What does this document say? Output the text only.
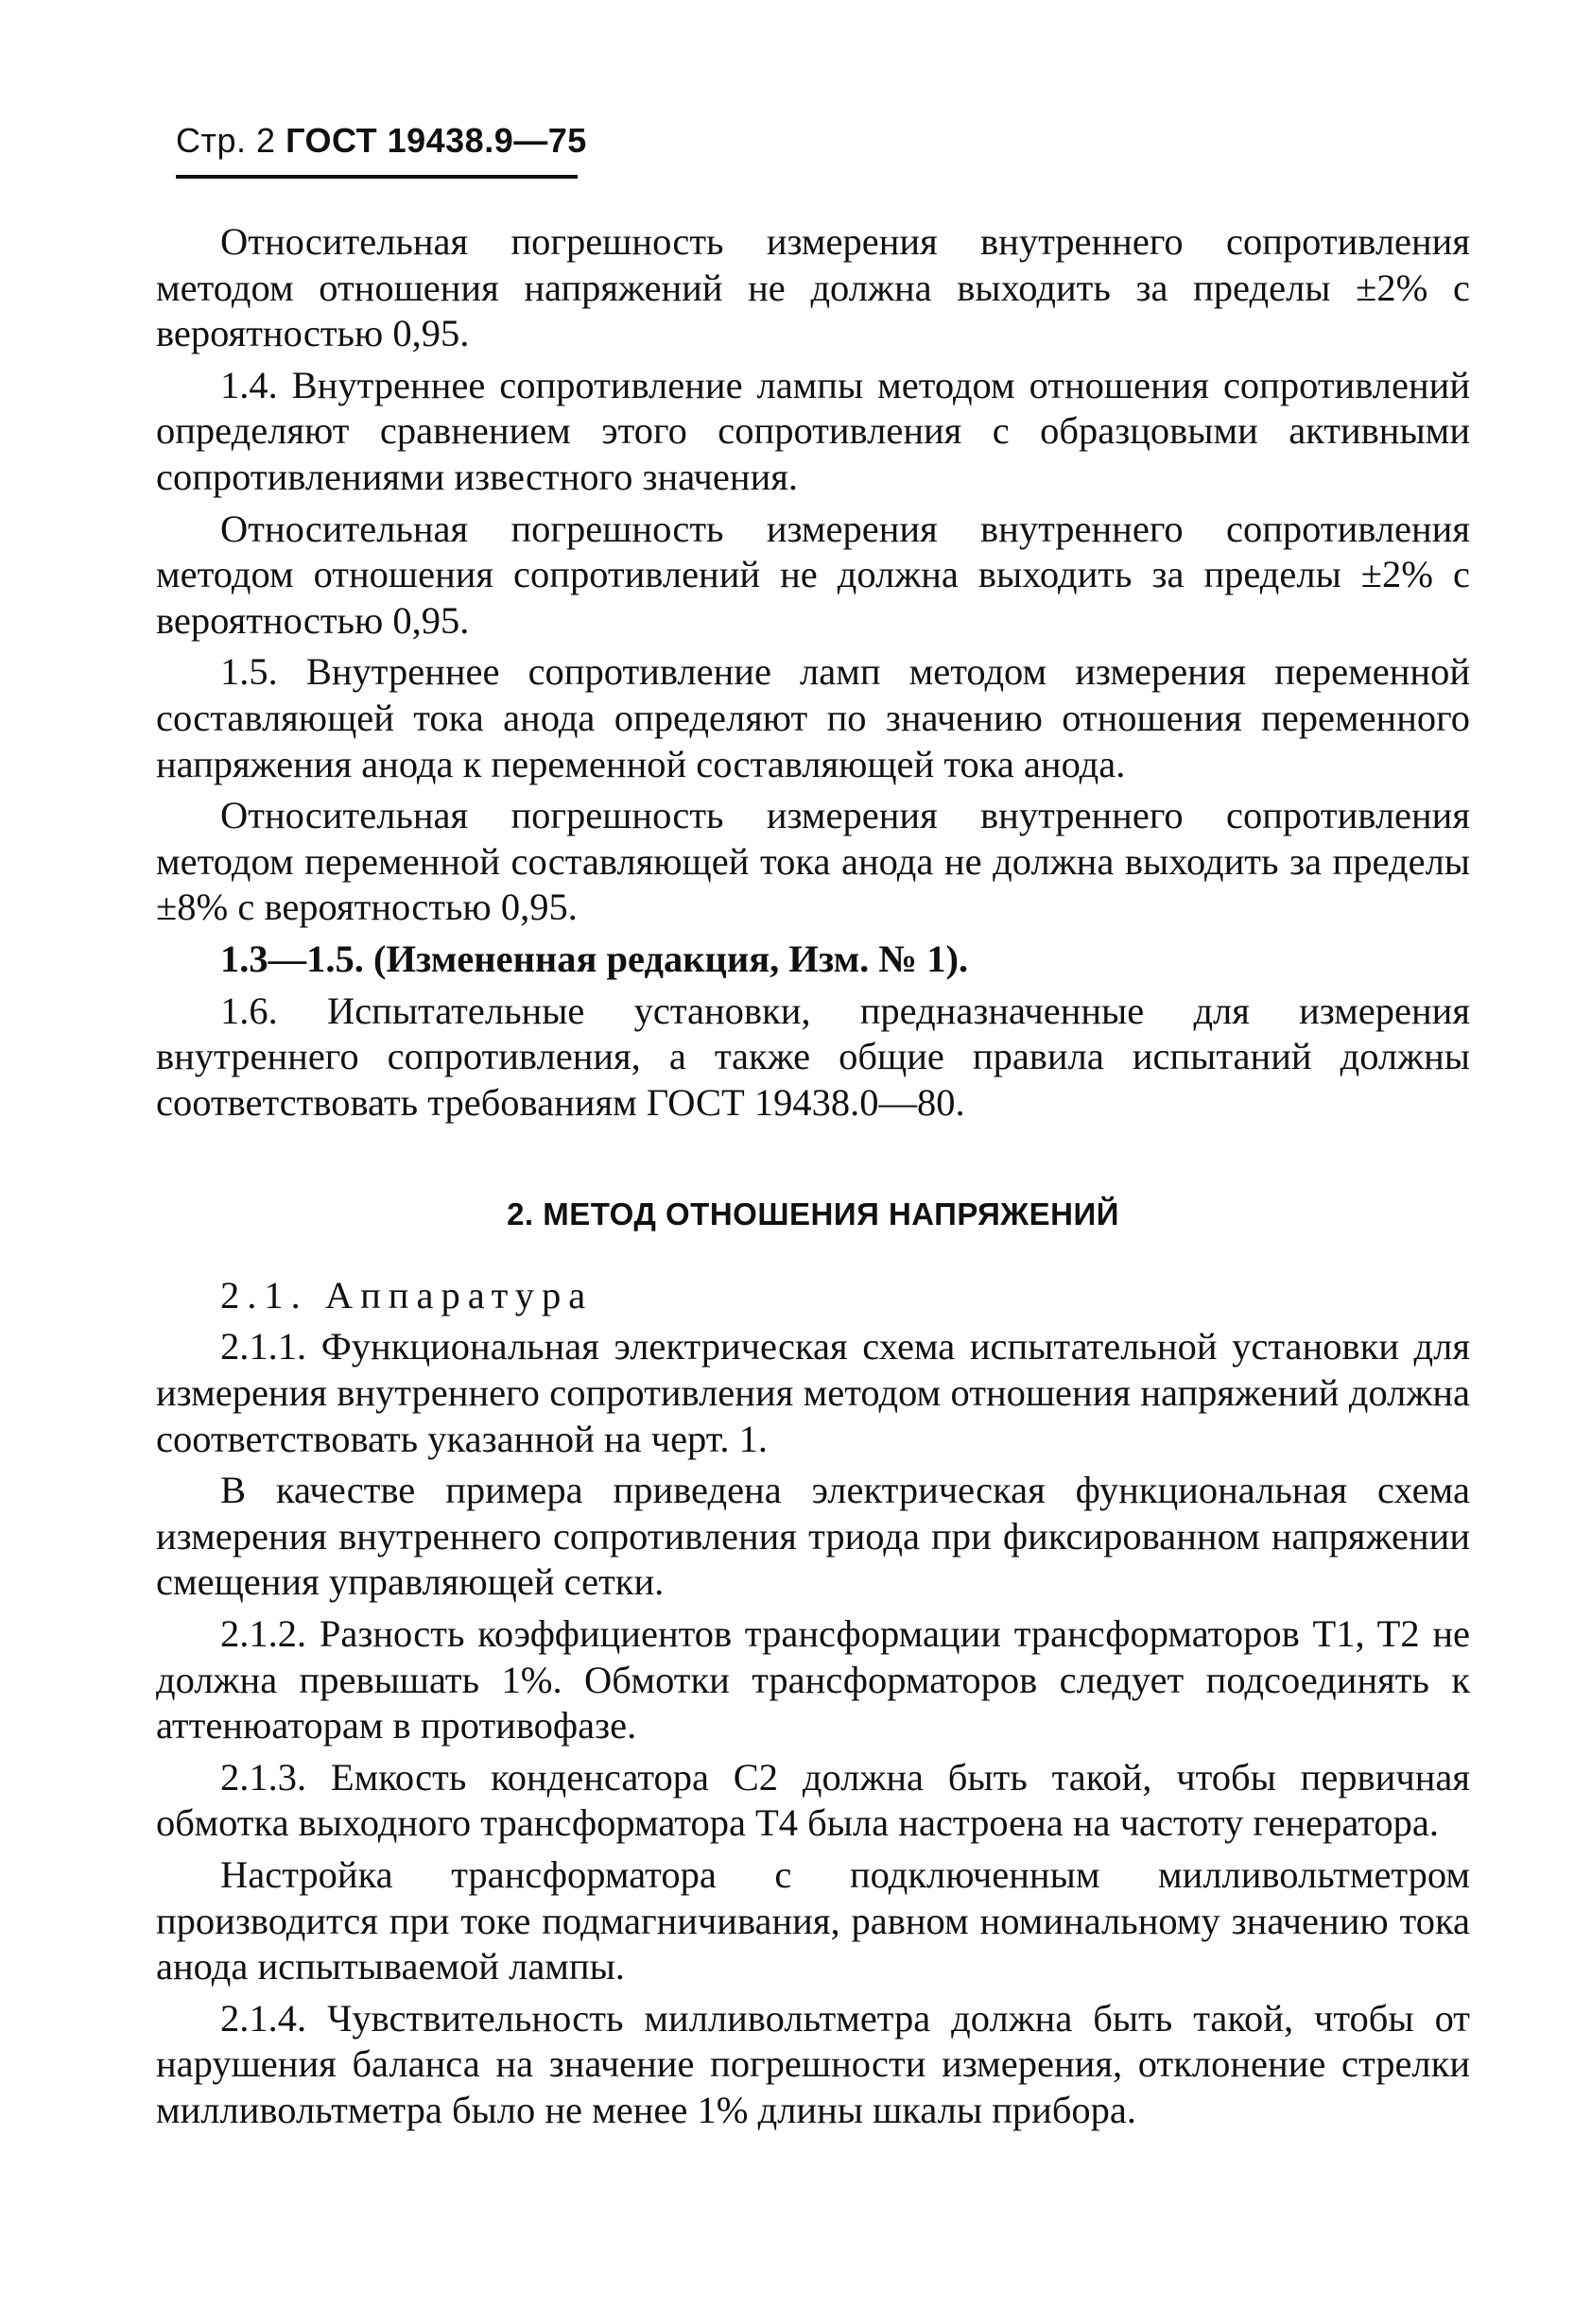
Стр. 2 ГОСТ 19438.9—75

Относительная погрешность измерения внутреннего сопротивления методом отношения напряжений не должна выходить за пределы ±2% с вероятностью 0,95.

1.4. Внутреннее сопротивление лампы методом отношения сопротивлений определяют сравнением этого сопротивления с образцовыми активными сопротивлениями известного значения.

Относительная погрешность измерения внутреннего сопротивления методом отношения сопротивлений не должна выходить за пределы ±2% с вероятностью 0,95.

1.5. Внутреннее сопротивление ламп методом измерения переменной составляющей тока анода определяют по значению отношения переменного напряжения анода к переменной составляющей тока анода.

Относительная погрешность измерения внутреннего сопротивления методом переменной составляющей тока анода не должна выходить за пределы ±8% с вероятностью 0,95.

1.3—1.5. (Измененная редакция, Изм. № 1).

1.6. Испытательные установки, предназначенные для измерения внутреннего сопротивления, а также общие правила испытаний должны соответствовать требованиям ГОСТ 19438.0—80.

2. МЕТОД ОТНОШЕНИЯ НАПРЯЖЕНИЙ

2.1. Аппаратура

2.1.1. Функциональная электрическая схема испытательной установки для измерения внутреннего сопротивления методом отношения напряжений должна соответствовать указанной на черт. 1.

В качестве примера приведена электрическая функциональная схема измерения внутреннего сопротивления триода при фиксированном напряжении смещения управляющей сетки.

2.1.2. Разность коэффициентов трансформации трансформаторов T1, T2 не должна превышать 1%. Обмотки трансформаторов следует подсоединять к аттенюаторам в противофазе.

2.1.3. Емкость конденсатора C2 должна быть такой, чтобы первичная обмотка выходного трансформатора T4 была настроена на частоту генератора.

Настройка трансформатора с подключенным милливольтметром производится при токе подмагничивания, равном номинальному значению тока анода испытываемой лампы.

2.1.4. Чувствительность милливольтметра должна быть такой, чтобы от нарушения баланса на значение погрешности измерения, отклонение стрелки милливольтметра было не менее 1% длины шкалы прибора.
